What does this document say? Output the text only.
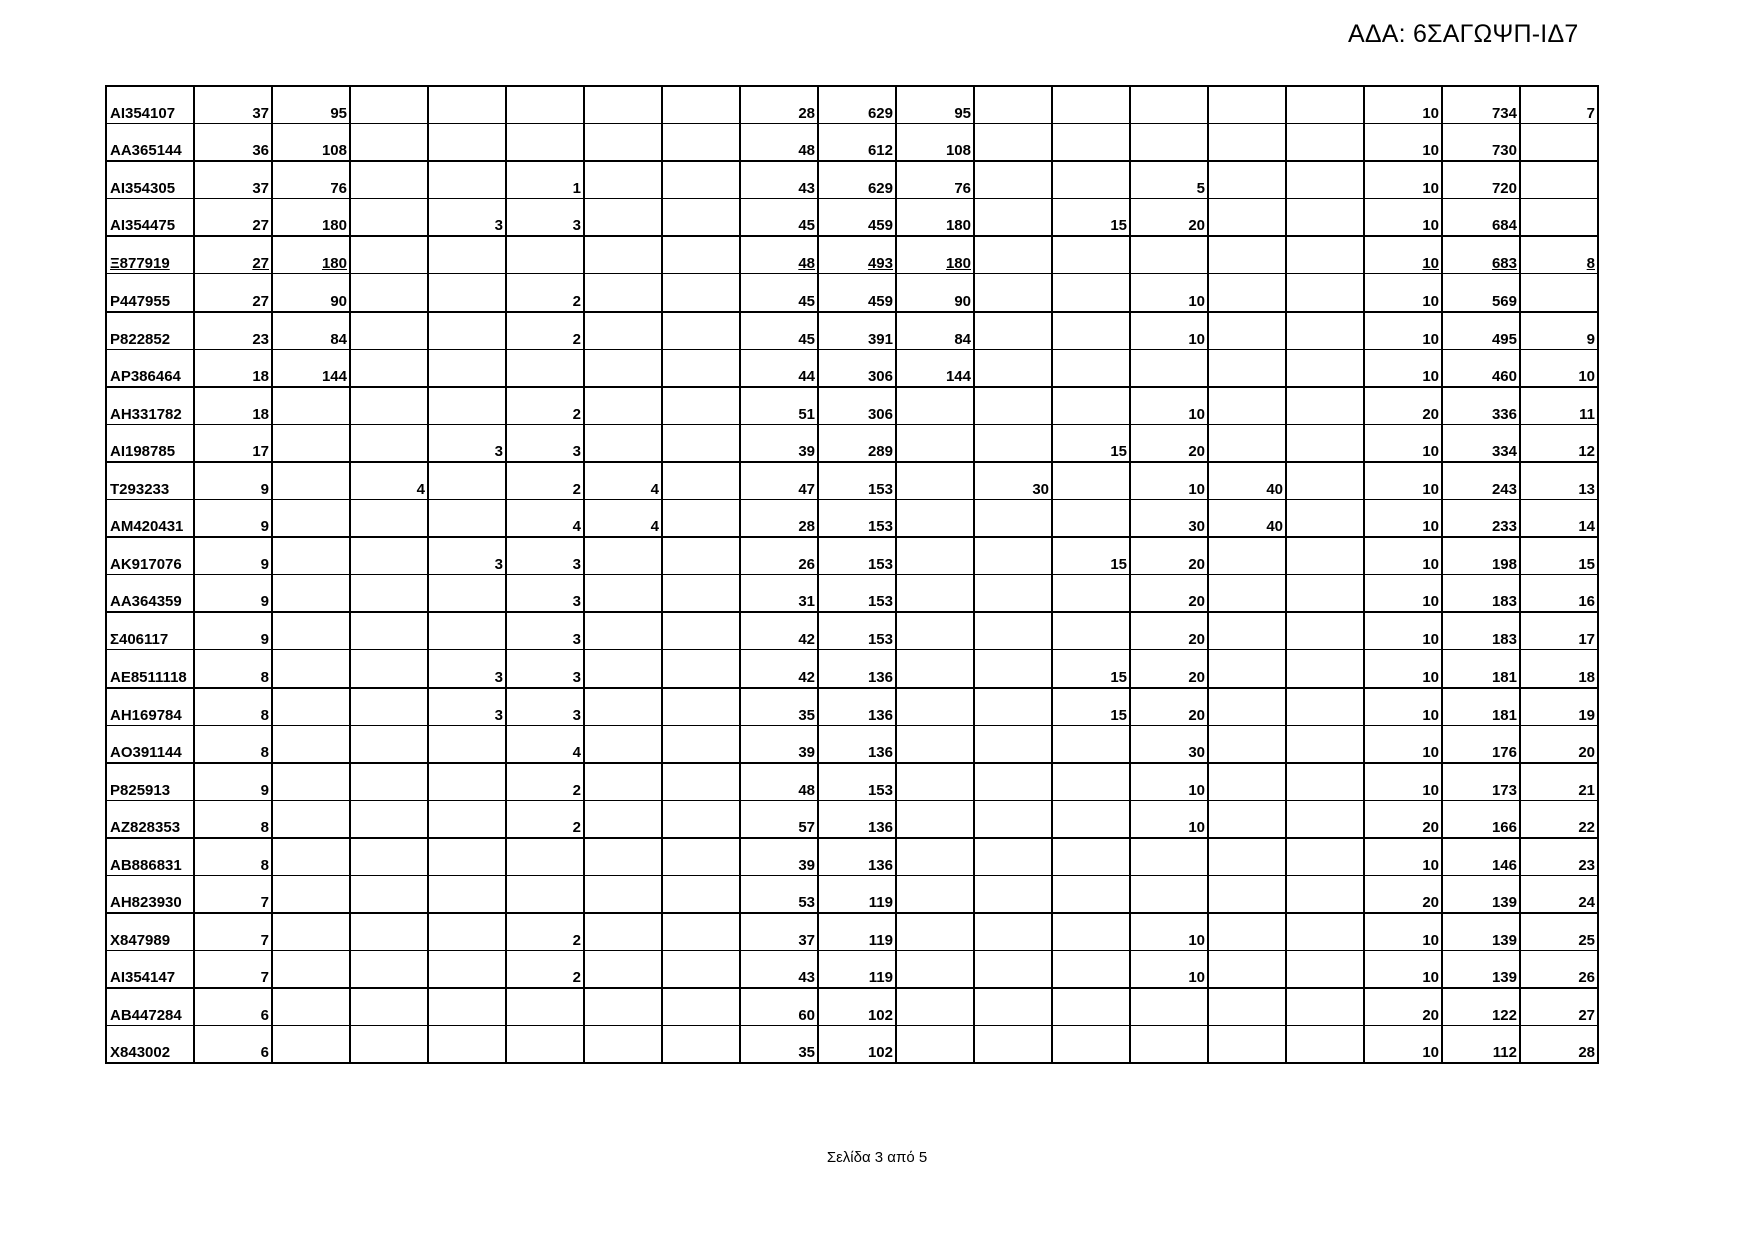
ΑΔΑ: 6ΣΑΓΩΨΠ-ΙΔ7
AI354107	37	95						28	629	95						10	734	7
AA365144	36	108						48	612	108						10	730	
AI354305	37	76			1			43	629	76			5			10	720	
AI354475	27	180		3	3			45	459	180		15	20			10	684	
Ξ877919	27	180						48	493	180						10	683	8
P447955	27	90			2			45	459	90			10			10	569	
P822852	23	84			2			45	391	84			10			10	495	9
AP386464	18	144						44	306	144						10	460	10
AH331782	18				2			51	306				10			20	336	11
AI198785	17			3	3			39	289			15	20			10	334	12
T293233	9		4		2	4		47	153		30		10	40		10	243	13
AM420431	9				4	4		28	153				30	40		10	233	14
AK917076	9			3	3			26	153			15	20			10	198	15
AA364359	9				3			31	153				20			10	183	16
Σ406117	9				3			42	153				20			10	183	17
AE8511118	8			3	3			42	136			15	20			10	181	18
AH169784	8			3	3			35	136			15	20			10	181	19
AO391144	8				4			39	136				30			10	176	20
P825913	9				2			48	153				10			10	173	21
AZ828353	8				2			57	136				10			20	166	22
AB886831	8							39	136							10	146	23
AH823930	7							53	119							20	139	24
X847989	7				2			37	119				10			10	139	25
AI354147	7				2			43	119				10			10	139	26
AB447284	6							60	102							20	122	27
X843002	6							35	102							10	112	28
Σελίδα 3 από 5
